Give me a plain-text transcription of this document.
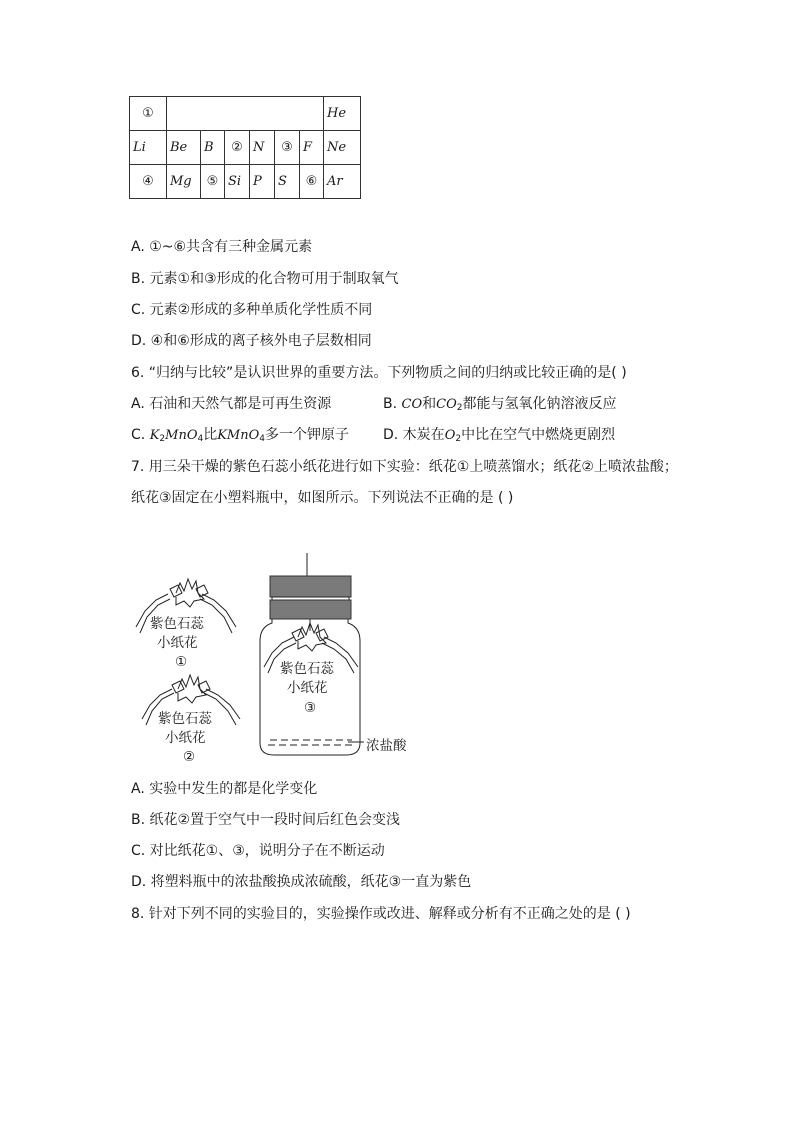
①							He
Li	Be	B	②	N	③	F	Ne
④	Mg	⑤	Si	P	S	⑥	Ar
A. ①~⑥共含有三种金属元素
B. 元素①和③形成的化合物可用于制取氧气
C. 元素②形成的多种单质化学性质不同
D. ④和⑥形成的离子核外电子层数相同
6. “归纳与比较”是认识世界的重要方法。下列物质之间的归纳或比较正确的是( )
A. 石油和天然气都是可再生资源	B. CO和$CO_2$都能与氢氧化钠溶液反应
C. $K_2MnO_4$比KMnO$_4$多一个钾原子 D. 木炭在$O_2$中比在空气中燃烧更剧烈
7. 用三朵干燥的紫色石蕊小纸花进行如下实验：纸花①上喷蒸馏水；纸花②上喷浓盐酸；
纸花③固定在小塑料瓶中，如图所示。下列说法不正确的是 ( )
紫色石蕊
小纸花
①
紫色石蕊
小纸花
②
紫色石蕊
小纸花
③
浓盐酸
A. 实验中发生的都是化学变化
B. 纸花②置于空气中一段时间后红色会变浅
C. 对比纸花①、③，说明分子在不断运动
D. 将塑料瓶中的浓盐酸换成浓硫酸，纸花③一直为紫色
8. 针对下列不同的实验目的，实验操作或改进、解释或分析有不正确之处的是 ( )
